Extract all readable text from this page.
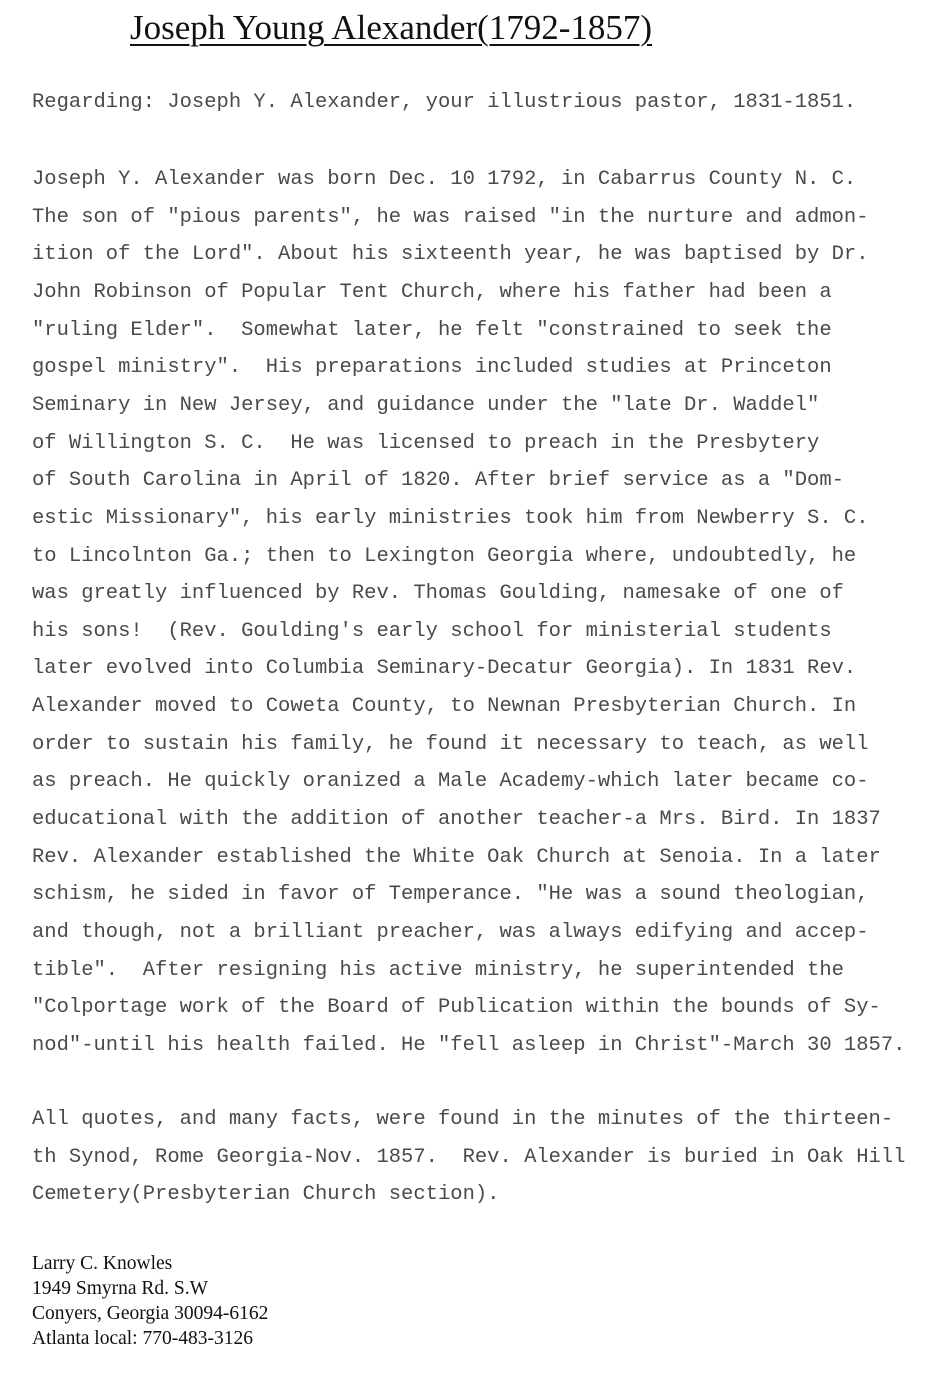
Joseph Young Alexander(1792-1857)
Regarding: Joseph Y. Alexander, your illustrious pastor, 1831-1851.
Joseph Y. Alexander was born Dec. 10 1792, in Cabarrus County N. C.
The son of "pious parents", he was raised "in the nurture and admon-
ition of the Lord". About his sixteenth year, he was baptised by Dr.
John Robinson of Popular Tent Church, where his father had been a
"ruling Elder".  Somewhat later, he felt "constrained to seek the
gospel ministry".  His preparations included studies at Princeton
Seminary in New Jersey, and guidance under the "late Dr. Waddel"
of Willington S. C.  He was licensed to preach in the Presbytery
of South Carolina in April of 1820. After brief service as a "Dom-
estic Missionary", his early ministries took him from Newberry S. C.
to Lincolnton Ga.; then to Lexington Georgia where, undoubtedly, he
was greatly influenced by Rev. Thomas Goulding, namesake of one of
his sons!  (Rev. Goulding's early school for ministerial students
later evolved into Columbia Seminary-Decatur Georgia). In 1831 Rev.
Alexander moved to Coweta County, to Newnan Presbyterian Church. In
order to sustain his family, he found it necessary to teach, as well
as preach. He quickly oranized a Male Academy-which later became co-
educational with the addition of another teacher-a Mrs. Bird. In 1837
Rev. Alexander established the White Oak Church at Senoia. In a later
schism, he sided in favor of Temperance. "He was a sound theologian,
and though, not a brilliant preacher, was always edifying and accep-
tible".  After resigning his active ministry, he superintended the
"Colportage work of the Board of Publication within the bounds of Sy-
nod"-until his health failed. He "fell asleep in Christ"-March 30 1857.
All quotes, and many facts, were found in the minutes of the thirteen-
th Synod, Rome Georgia-Nov. 1857.  Rev. Alexander is buried in Oak Hill
Cemetery(Presbyterian Church section).
Larry C. Knowles
1949 Smyrna Rd. S.W
Conyers, Georgia 30094-6162
Atlanta local: 770-483-3126
